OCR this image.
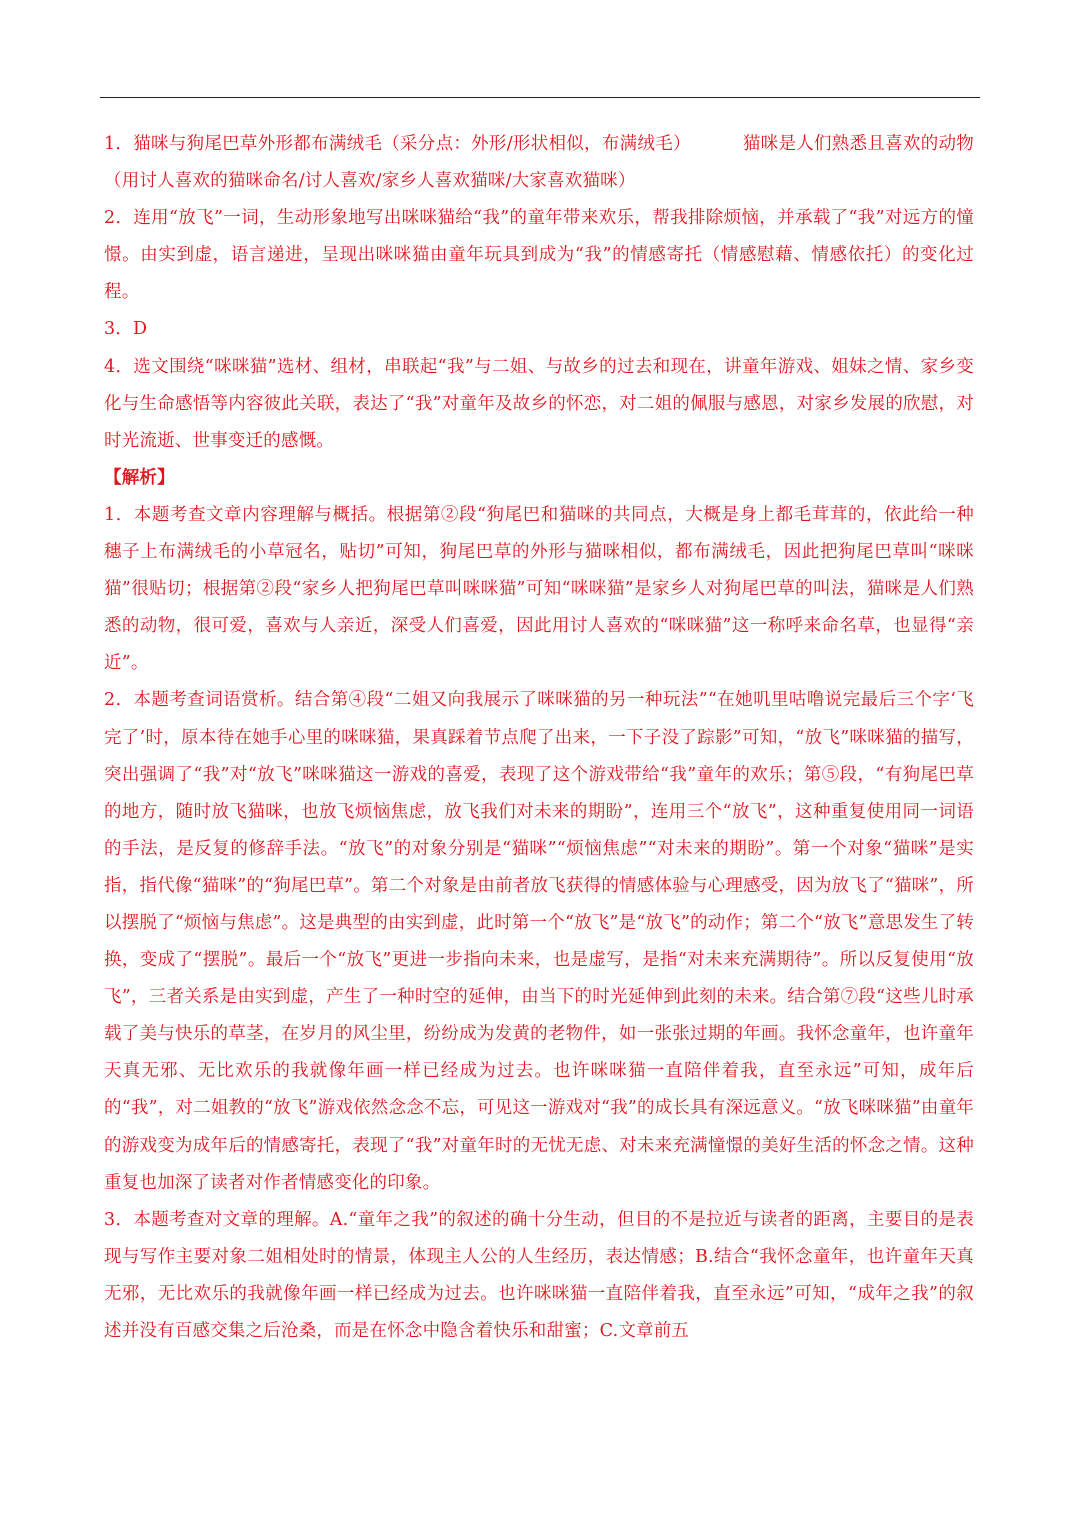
1．猫咪与狗尾巴草外形都布满绒毛（采分点：外形/形状相似，布满绒毛）	猫咪是人们熟悉且喜欢的动物（用讨人喜欢的猫咪命名/讨人喜欢/家乡人喜欢猫咪/大家喜欢猫咪）

2．连用“放飞”一词，生动形象地写出咪咪猫给“我”的童年带来欢乐，帮我排除烦恼，并承载了“我”对远方的憧憬。由实到虚，语言递进，呈现出咪咪猫由童年玩具到成为“我”的情感寄托（情感慰藉、情感依托）的变化过程。

3．D

4．选文围绕“咪咪猫”选材、组材，串联起“我”与二姐、与故乡的过去和现在，讲童年游戏、姐妹之情、家乡变化与生命感悟等内容彼此关联，表达了“我”对童年及故乡的怀恋，对二姐的佩服与感恩，对家乡发展的欣慰，对时光流逝、世事变迁的感慨。

【解析】

1．本题考查文章内容理解与概括。根据第②段“狗尾巴和猫咪的共同点，大概是身上都毛茸茸的，依此给一种穗子上布满绒毛的小草冠名，贴切”可知，狗尾巴草的外形与猫咪相似，都布满绒毛，因此把狗尾巴草叫“咪咪猫”很贴切；根据第②段“家乡人把狗尾巴草叫咪咪猫”可知“咪咪猫”是家乡人对狗尾巴草的叫法，猫咪是人们熟悉的动物，很可爱，喜欢与人亲近，深受人们喜爱，因此用讨人喜欢的“咪咪猫”这一称呼来命名草，也显得“亲近”。

2．本题考查词语赏析。结合第④段“二姐又向我展示了咪咪猫的另一种玩法”“在她叽里咕噜说完最后三个字‘飞完了’时，原本待在她手心里的咪咪猫，果真踩着节点爬了出来，一下子没了踪影”可知，“放飞”咪咪猫的描写，突出强调了“我”对“放飞”咪咪猫这一游戏的喜爱，表现了这个游戏带给“我”童年的欢乐；第⑤段，“有狗尾巴草的地方，随时放飞猫咪，也放飞烦恼焦虑，放飞我们对未来的期盼”，连用三个“放飞”，这种重复使用同一词语的手法，是反复的修辞手法。“放飞”的对象分别是“猫咪”“烦恼焦虑”“对未来的期盼”。第一个对象“猫咪”是实指，指代像“猫咪”的“狗尾巴草”。第二个对象是由前者放飞获得的情感体验与心理感受，因为放飞了“猫咪”，所以摆脱了“烦恼与焦虑”。这是典型的由实到虚，此时第一个“放飞”是“放飞”的动作；第二个“放飞”意思发生了转换，变成了“摆脱”。最后一个“放飞”更进一步指向未来，也是虚写，是指“对未来充满期待”。所以反复使用“放飞”，三者关系是由实到虚，产生了一种时空的延伸，由当下的时光延伸到此刻的未来。结合第⑦段“这些儿时承载了美与快乐的草茎，在岁月的风尘里，纷纷成为发黄的老物件，如一张张过期的年画。我怀念童年，也许童年天真无邪、无比欢乐的我就像年画一样已经成为过去。也许咪咪猫一直陪伴着我，直至永远”可知，成年后的“我”，对二姐教的“放飞”游戏依然念念不忘，可见这一游戏对“我”的成长具有深远意义。“放飞咪咪猫”由童年的游戏变为成年后的情感寄托，表现了“我”对童年时的无忧无虑、对未来充满憧憬的美好生活的怀念之情。这种重复也加深了读者对作者情感变化的印象。

3．本题考查对文章的理解。A.“童年之我”的叙述的确十分生动，但目的不是拉近与读者的距离，主要目的是表现与写作主要对象二姐相处时的情景，体现主人公的人生经历，表达情感；B.结合“我怀念童年，也许童年天真无邪，无比欢乐的我就像年画一样已经成为过去。也许咪咪猫一直陪伴着我，直至永远”可知，“成年之我”的叙述并没有百感交集之后沧桑，而是在怀念中隐含着快乐和甜蜜；C.文章前五
